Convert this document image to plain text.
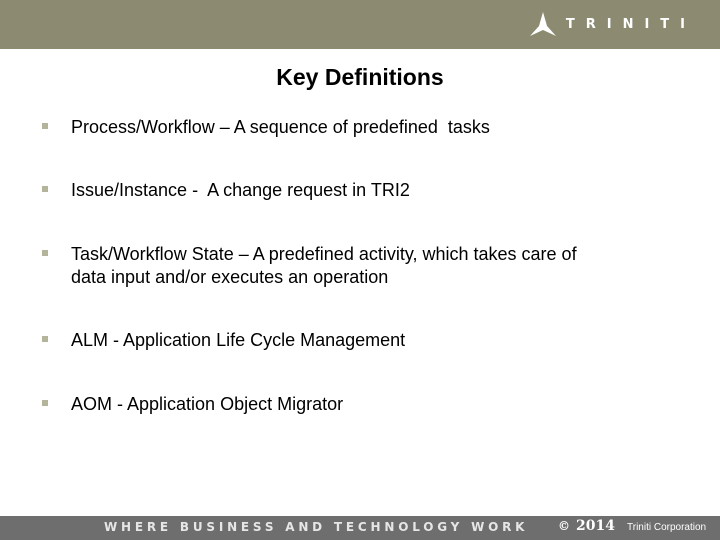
TRINITI
Key Definitions
Process/Workflow – A sequence of predefined  tasks
Issue/Instance -  A change request in TRI2
Task/Workflow State – A predefined activity, which takes care of
data input and/or executes an operation
ALM - Application Life Cycle Management
AOM - Application Object Migrator
WHERE BUSINESS AND TECHNOLOGY WORK © 2014 Triniti Corporation
